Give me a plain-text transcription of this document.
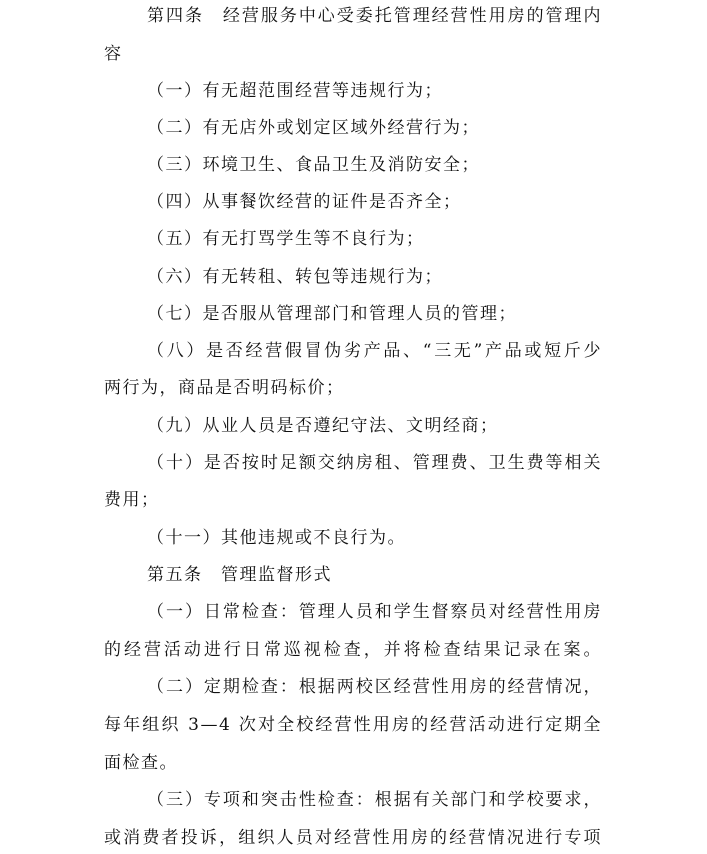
第四条　经营服务中心受委托管理经营性用房的管理内
容
（一）有无超范围经营等违规行为；
（二）有无店外或划定区域外经营行为；
（三）环境卫生、食品卫生及消防安全；
（四）从事餐饮经营的证件是否齐全；
（五）有无打骂学生等不良行为；
（六）有无转租、转包等违规行为；
（七）是否服从管理部门和管理人员的管理；
（八）是否经营假冒伪劣产品、“三无”产品或短斤少
两行为，商品是否明码标价；
（九）从业人员是否遵纪守法、文明经商；
（十）是否按时足额交纳房租、管理费、卫生费等相关
费用；
（十一）其他违规或不良行为。
第五条　管理监督形式
（一）日常检查：管理人员和学生督察员对经营性用房
的经营活动进行日常巡视检查，并将检查结果记录在案。
（二）定期检查：根据两校区经营性用房的经营情况，
每年组织 3—4 次对全校经营性用房的经营活动进行定期全
面检查。
（三）专项和突击性检查：根据有关部门和学校要求，
或消费者投诉，组织人员对经营性用房的经营情况进行专项
